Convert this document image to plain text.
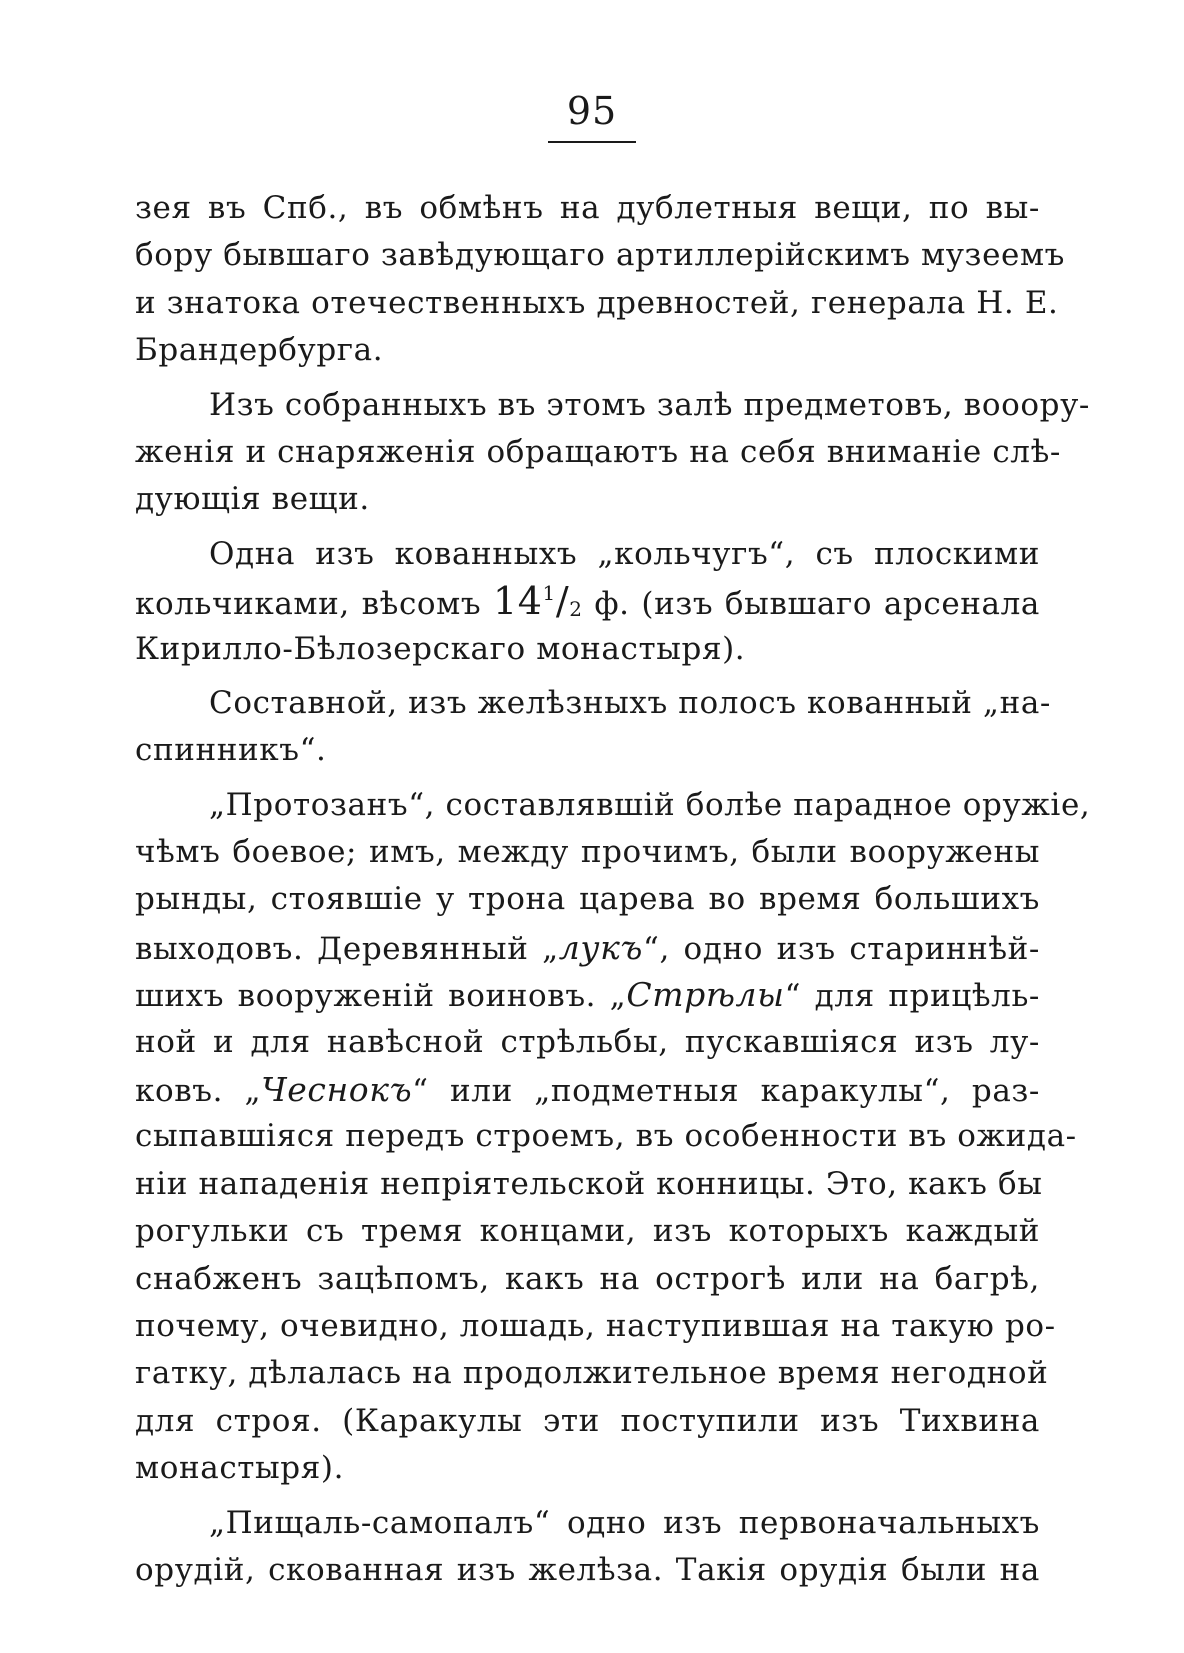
95
зея въ Спб., въ обмѣнъ на дублетныя вещи, по вы-
бору бывшаго завѣдующаго артиллерійскимъ музеемъ
и знатока отечественныхъ древностей, генерала Н. Е.
Брандербурга.
Изъ собранныхъ въ этомъ залѣ предметовъ, вооору-
женія и снаряженія обращаютъ на себя вниманіе слѣ-
дующія вещи.
Одна изъ кованныхъ „кольчугъ“, съ плоскими
кольчиками, вѣсомъ $14^1/_2$ ф. (изъ бывшаго арсенала
Кирилло-Бѣлозерскаго монастыря).
Составной, изъ желѣзныхъ полосъ кованный „на-
спинникъ“.
„Протозанъ“, составлявшій болѣе парадное оружіе,
чѣмъ боевое; имъ, между прочимъ, были вооружены
рынды, стоявшіе у трона царева во время большихъ
выходовъ. Деревянный „лукъ“, одно изъ стариннѣй-
шихъ вооруженій воиновъ. „Стрѣлы“ для прицѣль-
ной и для навѣсной стрѣльбы, пускавшіяся изъ лу-
ковъ. „Чеснокъ“ или „подметныя каракулы“, раз-
сыпавшіяся передъ строемъ, въ особенности въ ожида-
ніи нападенія непріятельской конницы. Это, какъ бы
рогульки съ тремя концами, изъ которыхъ каждый
снабженъ зацѣпомъ, какъ на острогѣ или на багрѣ,
почему, очевидно, лошадь, наступившая на такую ро-
гатку, дѣлалась на продолжительное время негодной
для строя. (Каракулы эти поступили изъ Тихвина
монастыря).
„Пищаль-самопалъ“ одно изъ первоначальныхъ
орудій, скованная изъ желѣза. Такія орудія были на
